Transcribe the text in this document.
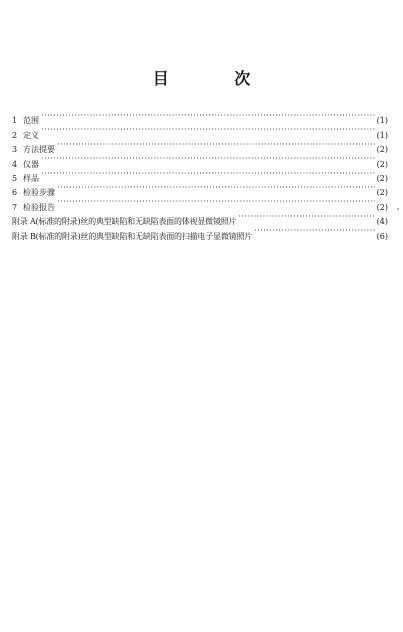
目 次
1 范围 ·····	(1)
2 定义 ·····	(1)
3 方法提要 ·····	(2)
4 仪器 ·····	(2)
5 样品 ·····	(2)
6 检验步骤 ·····	(2)
7 检验报告 ·····	(2)
附录 A(标准的附录)丝的典型缺陷和无缺陷表面的体视显微镜照片 ·····	(4)
附录 B(标准的附录)丝的典型缺陷和无缺陷表面的扫描电子显微镜照片 ·····	(6)
